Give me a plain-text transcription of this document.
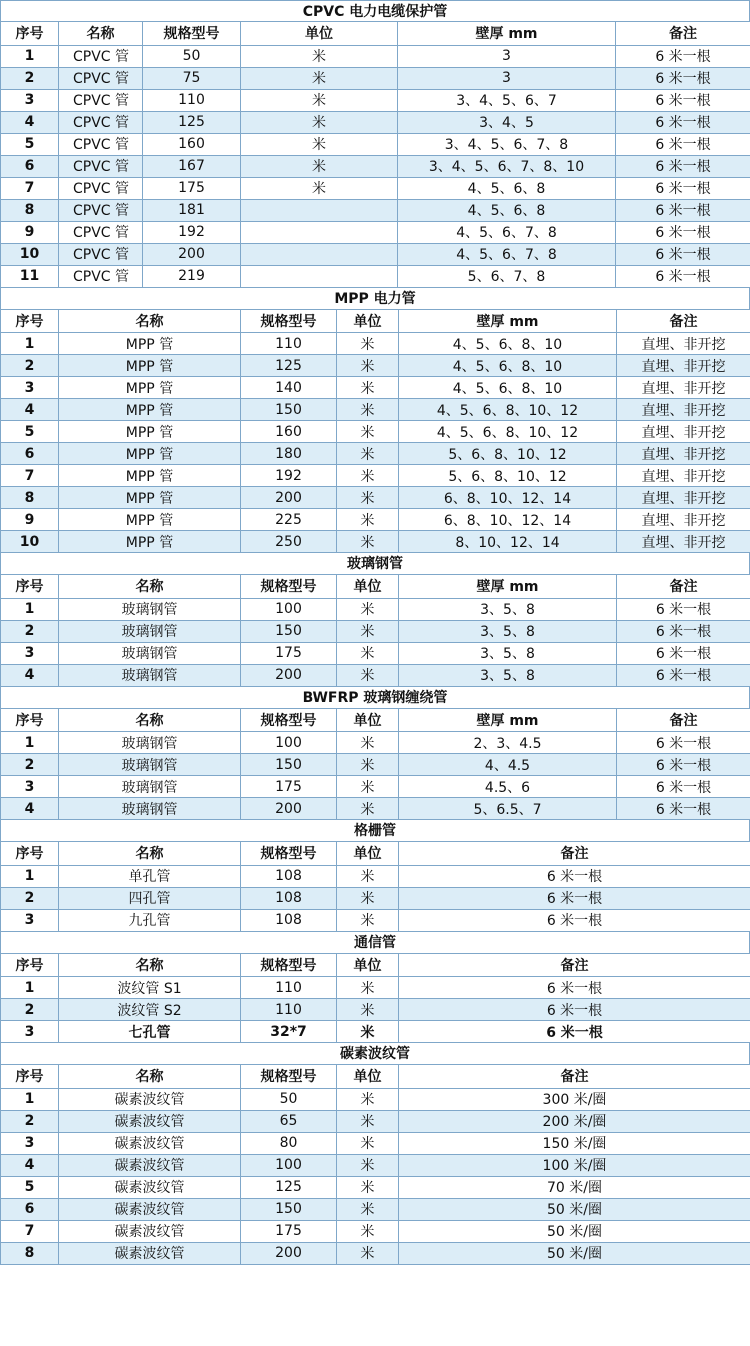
CPVC 电力电缆保护管
序号	名称	规格型号	单位	壁厚 mm	备注
1	CPVC 管	50	米	3	6 米一根
2	CPVC 管	75	米	3	6 米一根
3	CPVC 管	110	米	3、4、5、6、7	6 米一根
4	CPVC 管	125	米	3、4、5	6 米一根
5	CPVC 管	160	米	3、4、5、6、7、8	6 米一根
6	CPVC 管	167	米	3、4、5、6、7、8、10	6 米一根
7	CPVC 管	175	米	4、5、6、8	6 米一根
8	CPVC 管	181		4、5、6、8	6 米一根
9	CPVC 管	192		4、5、6、7、8	6 米一根
10	CPVC 管	200		4、5、6、7、8	6 米一根
11	CPVC 管	219		5、6、7、8	6 米一根
MPP 电力管
序号	名称	规格型号	单位	壁厚 mm	备注
1	MPP 管	110	米	4、5、6、8、10	直埋、非开挖
2	MPP 管	125	米	4、5、6、8、10	直埋、非开挖
3	MPP 管	140	米	4、5、6、8、10	直埋、非开挖
4	MPP 管	150	米	4、5、6、8、10、12	直埋、非开挖
5	MPP 管	160	米	4、5、6、8、10、12	直埋、非开挖
6	MPP 管	180	米	5、6、8、10、12	直埋、非开挖
7	MPP 管	192	米	5、6、8、10、12	直埋、非开挖
8	MPP 管	200	米	6、8、10、12、14	直埋、非开挖
9	MPP 管	225	米	6、8、10、12、14	直埋、非开挖
10	MPP 管	250	米	8、10、12、14	直埋、非开挖
玻璃钢管
序号	名称	规格型号	单位	壁厚 mm	备注
1	玻璃钢管	100	米	3、5、8	6 米一根
2	玻璃钢管	150	米	3、5、8	6 米一根
3	玻璃钢管	175	米	3、5、8	6 米一根
4	玻璃钢管	200	米	3、5、8	6 米一根
BWFRP 玻璃钢缠绕管
序号	名称	规格型号	单位	壁厚 mm	备注
1	玻璃钢管	100	米	2、3、4.5	6 米一根
2	玻璃钢管	150	米	4、4.5	6 米一根
3	玻璃钢管	175	米	4.5、6	6 米一根
4	玻璃钢管	200	米	5、6.5、7	6 米一根
格栅管
序号	名称	规格型号	单位	备注
1	单孔管	108	米	6 米一根
2	四孔管	108	米	6 米一根
3	九孔管	108	米	6 米一根
通信管
序号	名称	规格型号	单位	备注
1	波纹管 S1	110	米	6 米一根
2	波纹管 S2	110	米	6 米一根
3	七孔管	32*7	米	6 米一根
碳素波纹管
序号	名称	规格型号	单位	备注
1	碳素波纹管	50	米	300 米/圈
2	碳素波纹管	65	米	200 米/圈
3	碳素波纹管	80	米	150 米/圈
4	碳素波纹管	100	米	100 米/圈
5	碳素波纹管	125	米	70 米/圈
6	碳素波纹管	150	米	50 米/圈
7	碳素波纹管	175	米	50 米/圈
8	碳素波纹管	200	米	50 米/圈
